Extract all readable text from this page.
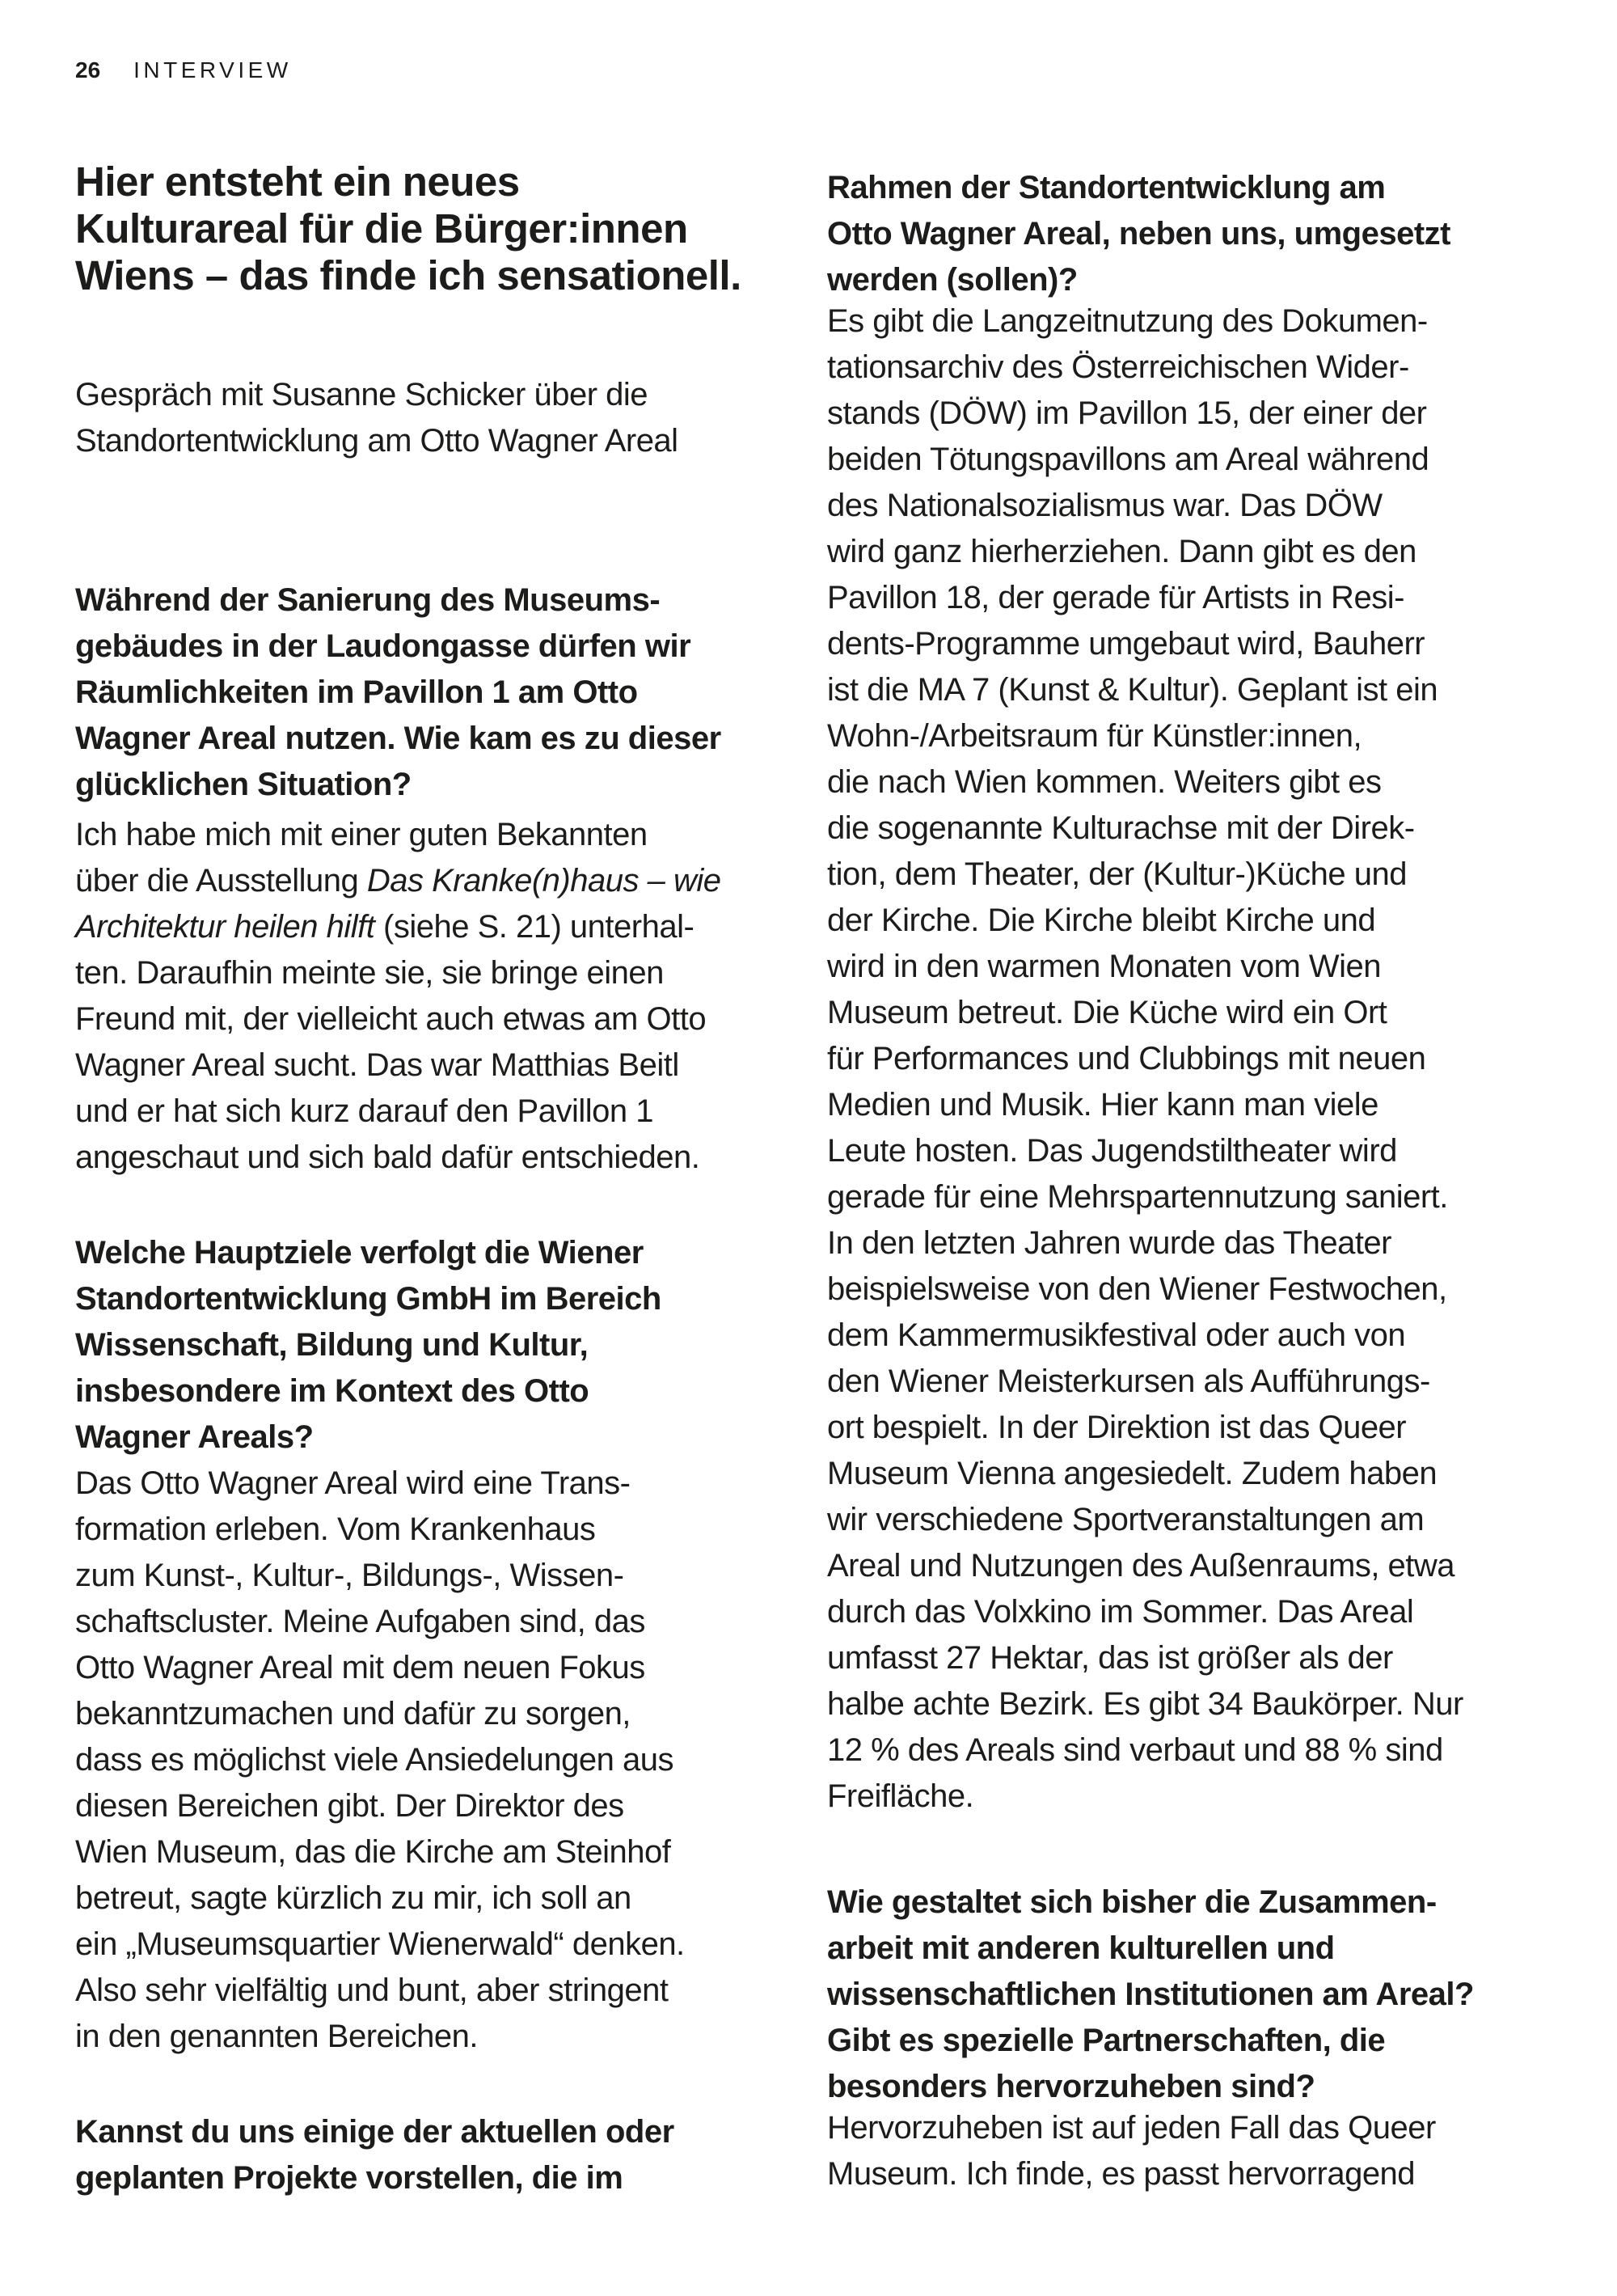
26 INTERVIEW
Hier entsteht ein neues
Kulturareal für die Bürger:innen
Wiens – das finde ich sensationell.
Gespräch mit Susanne Schicker über die
Standortentwicklung am Otto Wagner Areal
Während der Sanierung des Museums-
gebäudes in der Laudongasse dürfen wir
Räumlichkeiten im Pavillon 1 am Otto
Wagner Areal nutzen. Wie kam es zu dieser
glücklichen Situation?
Ich habe mich mit einer guten Bekannten
über die Ausstellung Das Kranke(n)haus – wie
Architektur heilen hilft (siehe S. 21) unterhal-
ten. Daraufhin meinte sie, sie bringe einen
Freund mit, der vielleicht auch etwas am Otto
Wagner Areal sucht. Das war Matthias Beitl
und er hat sich kurz darauf den Pavillon 1
angeschaut und sich bald dafür entschieden.
Welche Hauptziele verfolgt die Wiener
Standortentwicklung GmbH im Bereich
Wissenschaft, Bildung und Kultur,
insbesondere im Kontext des Otto
Wagner Areals?
Das Otto Wagner Areal wird eine Trans-
formation erleben. Vom Krankenhaus
zum Kunst-, Kultur-, Bildungs-, Wissen-
schaftscluster. Meine Aufgaben sind, das
Otto Wagner Areal mit dem neuen Fokus
bekanntzumachen und dafür zu sorgen,
dass es möglichst viele Ansiedelungen aus
diesen Bereichen gibt. Der Direktor des
Wien Museum, das die Kirche am Steinhof
betreut, sagte kürzlich zu mir, ich soll an
ein „Museumsquartier Wienerwald“ denken.
Also sehr vielfältig und bunt, aber stringent
in den genannten Bereichen.
Kannst du uns einige der aktuellen oder
geplanten Projekte vorstellen, die im
Rahmen der Standortentwicklung am
Otto Wagner Areal, neben uns, umgesetzt
werden (sollen)?
Es gibt die Langzeitnutzung des Dokumen-
tationsarchiv des Österreichischen Wider-
stands (DÖW) im Pavillon 15, der einer der
beiden Tötungspavillons am Areal während
des Nationalsozialismus war. Das DÖW
wird ganz hierherziehen. Dann gibt es den
Pavillon 18, der gerade für Artists in Resi-
dents-Programme umgebaut wird, Bauherr
ist die MA 7 (Kunst & Kultur). Geplant ist ein
Wohn-/Arbeitsraum für Künstler:innen,
die nach Wien kommen. Weiters gibt es
die sogenannte Kulturachse mit der Direk-
tion, dem Theater, der (Kultur-)Küche und
der Kirche. Die Kirche bleibt Kirche und
wird in den warmen Monaten vom Wien
Museum betreut. Die Küche wird ein Ort
für Performances und Clubbings mit neuen
Medien und Musik. Hier kann man viele
Leute hosten. Das Jugendstiltheater wird
gerade für eine Mehrspartennutzung saniert.
In den letzten Jahren wurde das Theater
beispielsweise von den Wiener Festwochen,
dem Kammermusikfestival oder auch von
den Wiener Meisterkursen als Aufführungs-
ort bespielt. In der Direktion ist das Queer
Museum Vienna angesiedelt. Zudem haben
wir verschiedene Sportveranstaltungen am
Areal und Nutzungen des Außenraums, etwa
durch das Volxkino im Sommer. Das Areal
umfasst 27 Hektar, das ist größer als der
halbe achte Bezirk. Es gibt 34 Baukörper. Nur
12 % des Areals sind verbaut und 88 % sind
Freifläche.
Wie gestaltet sich bisher die Zusammen-
arbeit mit anderen kulturellen und
wissenschaftlichen Institutionen am Areal?
Gibt es spezielle Partnerschaften, die
besonders hervorzuheben sind?
Hervorzuheben ist auf jeden Fall das Queer
Museum. Ich finde, es passt hervorragend
